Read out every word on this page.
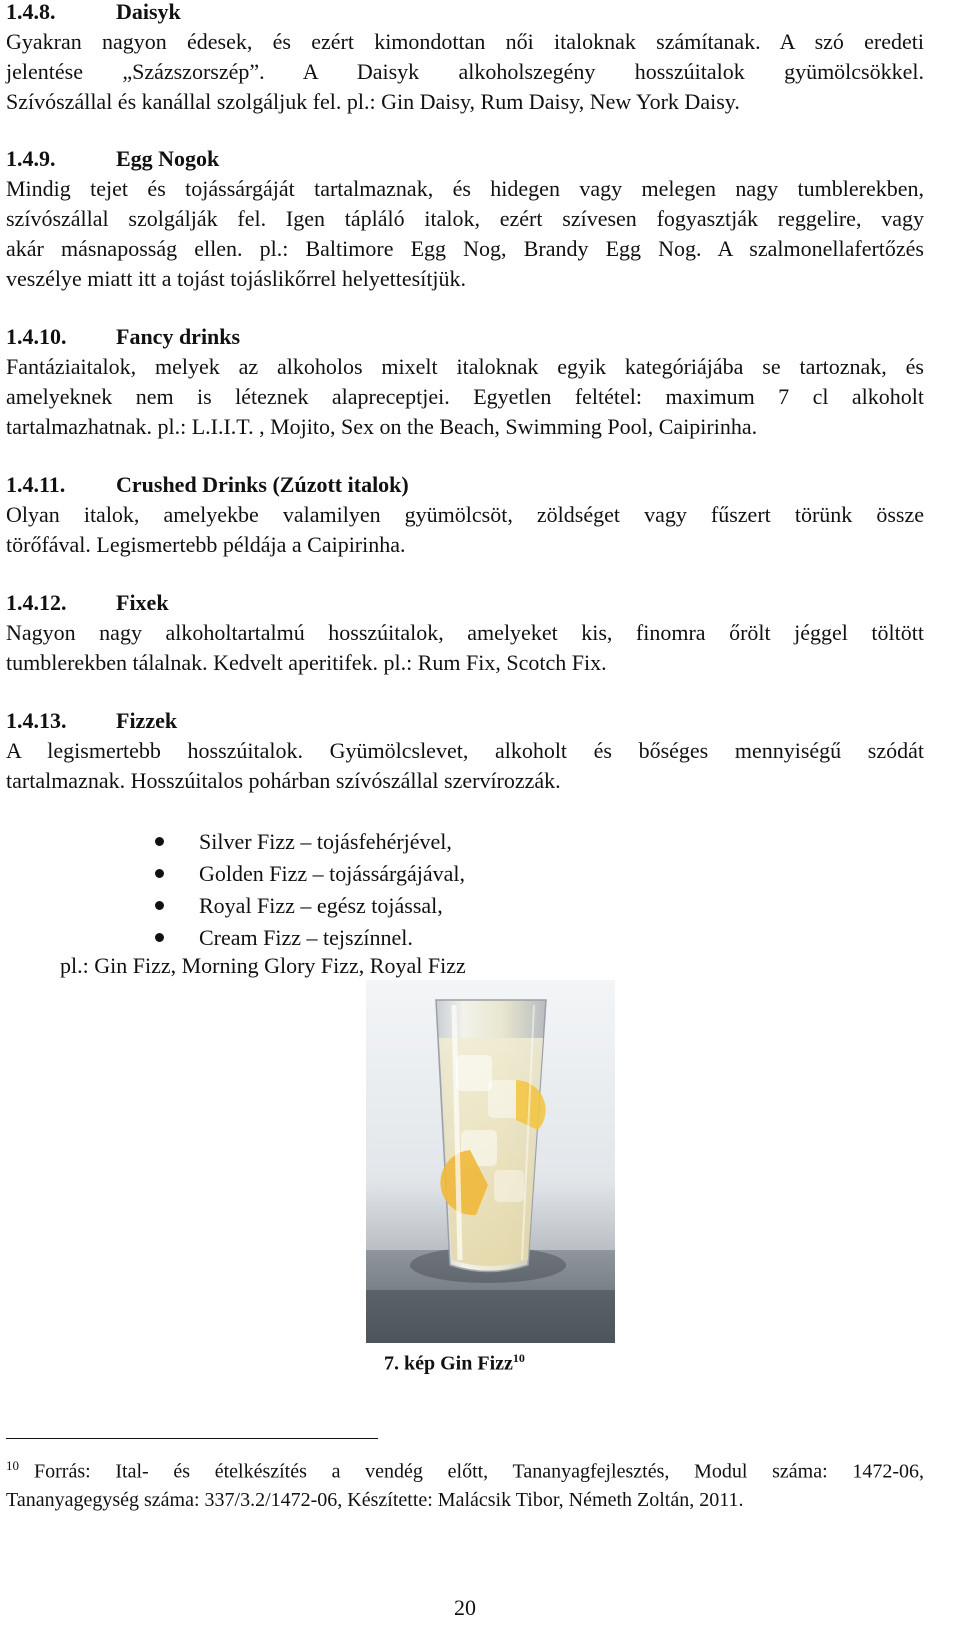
1.4.8.	Daisyk
Gyakran nagyon édesek, és ezért kimondottan női italoknak számítanak. A szó eredeti
jelentése „Százszorszép”. A Daisyk alkoholszegény hosszúitalok gyümölcsökkel.
Szívószállal és kanállal szolgáljuk fel. pl.: Gin Daisy, Rum Daisy, New York Daisy.
1.4.9.	Egg Nogok
Mindig tejet és tojássárgáját tartalmaznak, és hidegen vagy melegen nagy tumblerekben,
szívószállal szolgálják fel. Igen tápláló italok, ezért szívesen fogyasztják reggelire, vagy
akár másnaposság ellen. pl.: Baltimore Egg Nog, Brandy Egg Nog. A szalmonellafertőzés
veszélye miatt itt a tojást tojáslikőrrel helyettesítjük.
1.4.10. Fancy drinks
Fantáziaitalok, melyek az alkoholos mixelt italoknak egyik kategóriájába se tartoznak, és
amelyeknek nem is léteznek alapreceptjei. Egyetlen feltétel: maximum 7 cl alkoholt
tartalmazhatnak. pl.: L.I.I.T. , Mojito, Sex on the Beach, Swimming Pool, Caipirinha.
1.4.11. Crushed Drinks (Zúzott italok)
Olyan italok, amelyekbe valamilyen gyümölcsöt, zöldséget vagy fűszert törünk össze
törőfával. Legismertebb példája a Caipirinha.
1.4.12. Fixek
Nagyon nagy alkoholtartalmú hosszúitalok, amelyeket kis, finomra őrölt jéggel töltött
tumblerekben tálalnak. Kedvelt aperitifek. pl.: Rum Fix, Scotch Fix.
1.4.13. Fizzek
A legismertebb hosszúitalok. Gyümölcslevet, alkoholt és bőséges mennyiségű szódát
tartalmaznak. Hosszúitalos pohárban szívószállal szervírozzák.
Silver Fizz – tojásfehérjével,
Golden Fizz – tojássárgájával,
Royal Fizz – egész tojással,
Cream Fizz – tejszínnel.
pl.: Gin Fizz, Morning Glory Fizz, Royal Fizz
7. kép Gin Fizz$^{10}$
10 Forrás: Ital- és ételkészítés a vendég előtt, Tananyagfejlesztés, Modul száma: 1472-06,
Tananyagegység száma: 337/3.2/1472-06, Készítette: Malácsik Tibor, Németh Zoltán, 2011.
20
